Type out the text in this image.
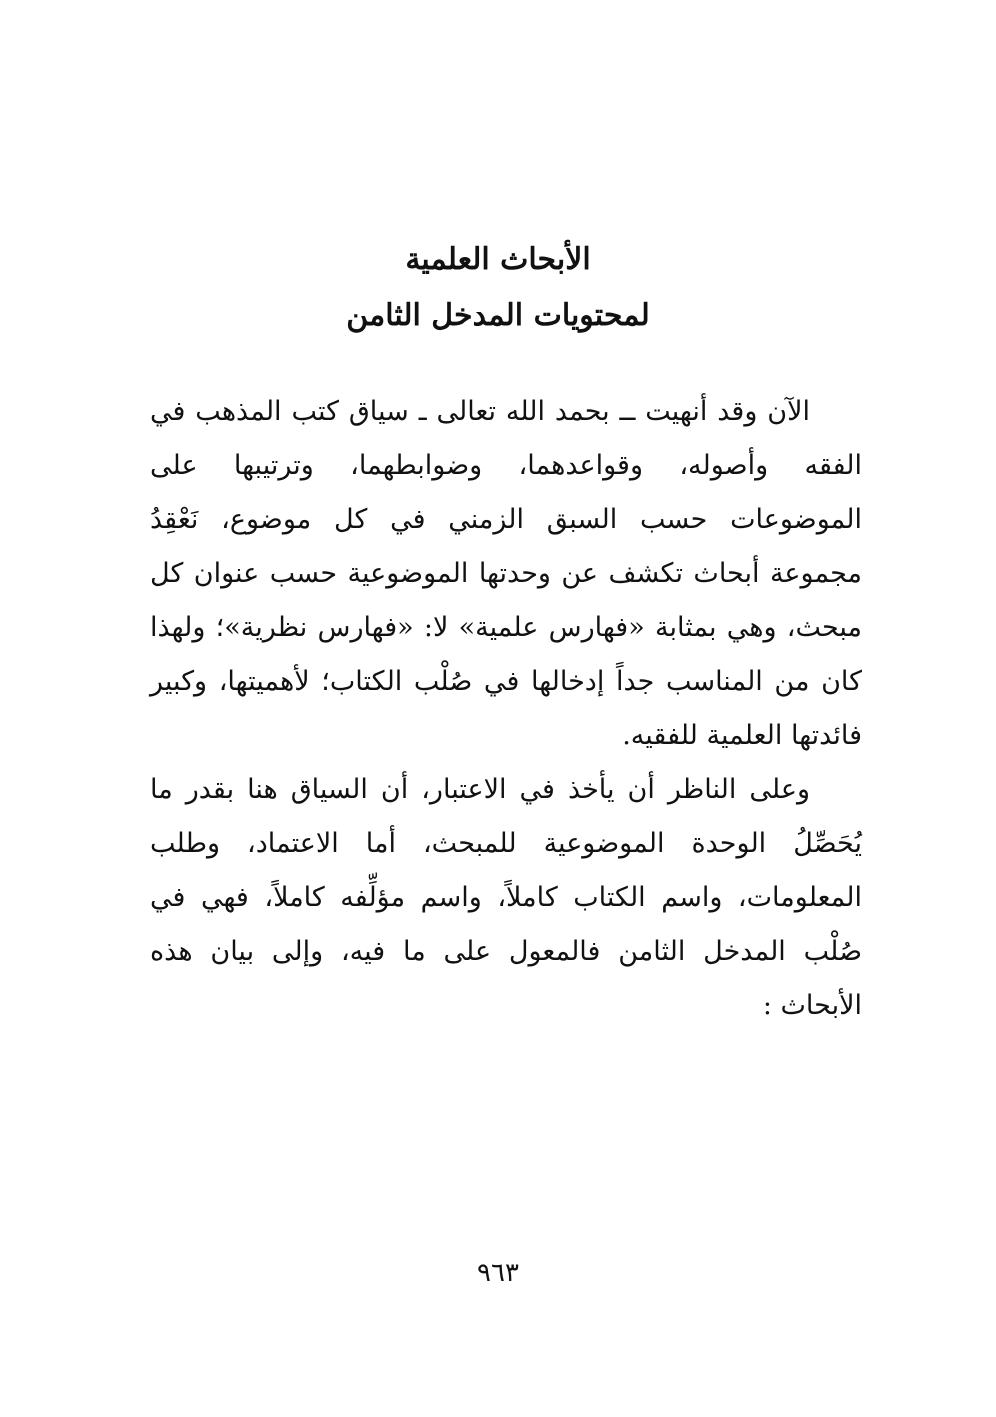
الأبحاث العلمية

لمحتويات المدخل الثامن

الآن وقد أنهيت ــ بحمد الله تعالى ـ سياق كتب المذهب في الفقه وأصوله، وقواعدهما، وضوابطهما، وترتيبها على الموضوعات حسب السبق الزمني في كل موضوع، نَعْقِدُ مجموعة أبحاث تكشف عن وحدتها الموضوعية حسب عنوان كل مبحث، وهي بمثابة «فهارس علمية» لا: «فهارس نظرية»؛ ولهذا كان من المناسب جداً إدخالها في صُلْب الكتاب؛ لأهميتها، وكبير فائدتها العلمية للفقيه.

وعلى الناظر أن يأخذ في الاعتبار، أن السياق هنا بقدر ما يُحَصِّلُ الوحدة الموضوعية للمبحث، أما الاعتماد، وطلب المعلومات، واسم الكتاب كاملاً، واسم مؤلِّفه كاملاً، فهي في صُلْب المدخل الثامن فالمعول على ما فيه، وإلى بيان هذه الأبحاث :

٩٦٣
